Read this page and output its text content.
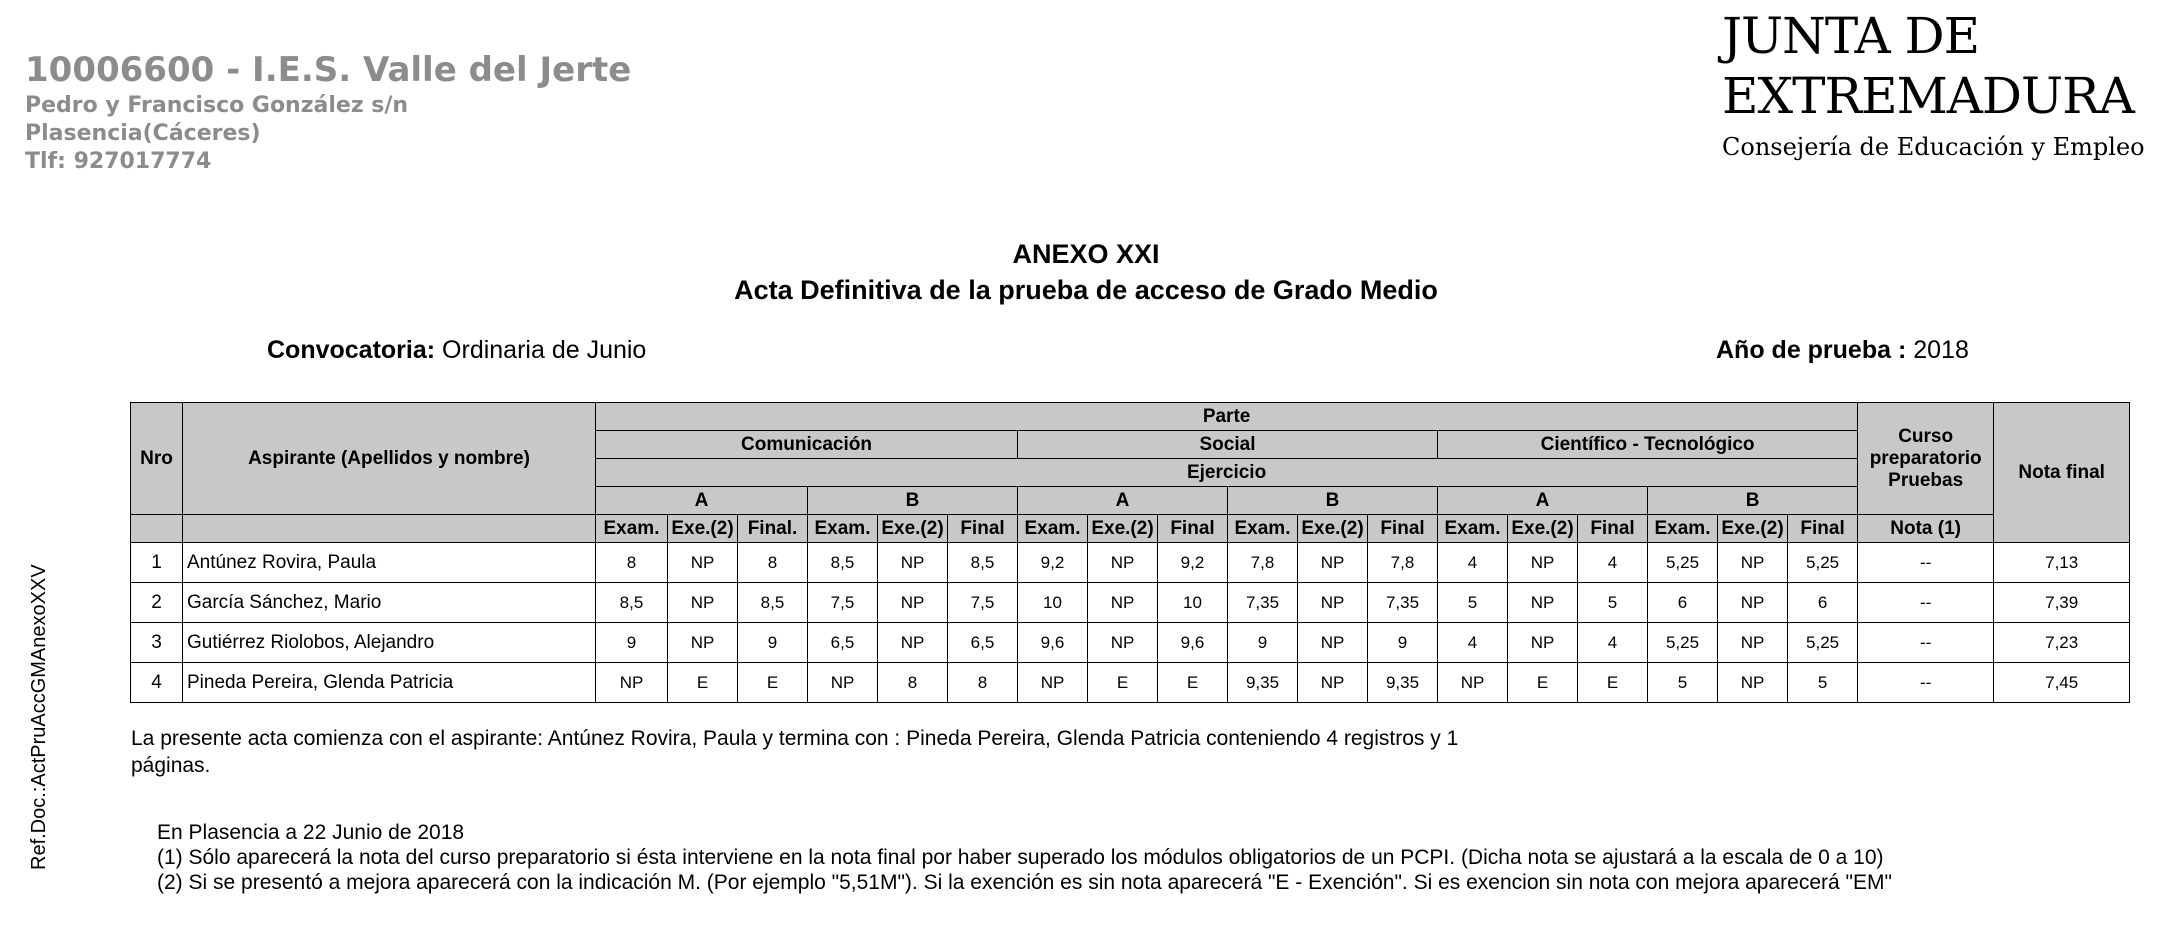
10006600 - I.E.S. Valle del Jerte
Pedro y Francisco González s/n
Plasencia(Cáceres)
Tlf: 927017774
JUNTA DE EXTREMADURA
Consejería de Educación y Empleo
ANEXO XXI
Acta Definitiva de la prueba de acceso de Grado Medio
Convocatoria: Ordinaria de Junio	Año de prueba : 2018
Ref.Doc.:ActPruAccGMAnexoXXV
Nro	Aspirante (Apellidos y nombre)	Parte																		Curso preparatorio Pruebas	Nota final
		Comunicación						Social						Científico - Tecnológico							
		Ejercicio																			
		A			B			A			B			A			B				
		Exam.	Exe.(2)	Final.	Exam.	Exe.(2)	Final	Exam.	Exe.(2)	Final	Exam.	Exe.(2)	Final	Exam.	Exe.(2)	Final	Exam.	Exe.(2)	Final	Nota (1)	
1	Antúnez Rovira, Paula	8	NP	8	8,5	NP	8,5	9,2	NP	9,2	7,8	NP	7,8	4	NP	4	5,25	NP	5,25	--	7,13
2	García Sánchez, Mario	8,5	NP	8,5	7,5	NP	7,5	10	NP	10	7,35	NP	7,35	5	NP	5	6	NP	6	--	7,39
3	Gutiérrez Riolobos, Alejandro	9	NP	9	6,5	NP	6,5	9,6	NP	9,6	9	NP	9	4	NP	4	5,25	NP	5,25	--	7,23
4	Pineda Pereira, Glenda Patricia	NP	E	E	NP	8	8	NP	E	E	9,35	NP	9,35	NP	E	E	5	NP	5	--	7,45
La presente acta comienza con el aspirante: Antúnez Rovira, Paula y termina con : Pineda Pereira, Glenda Patricia conteniendo 4 registros y 1 páginas.
En Plasencia a 22 Junio de 2018
(1) Sólo aparecerá la nota del curso preparatorio si ésta interviene en la nota final por haber superado los módulos obligatorios de un PCPI. (Dicha nota se ajustará a la escala de 0 a 10)
(2) Si se presentó a mejora aparecerá con la indicación M. (Por ejemplo "5,51M"). Si la exención es sin nota aparecerá "E - Exención". Si es exencion sin nota con mejora aparecerá "EM"
